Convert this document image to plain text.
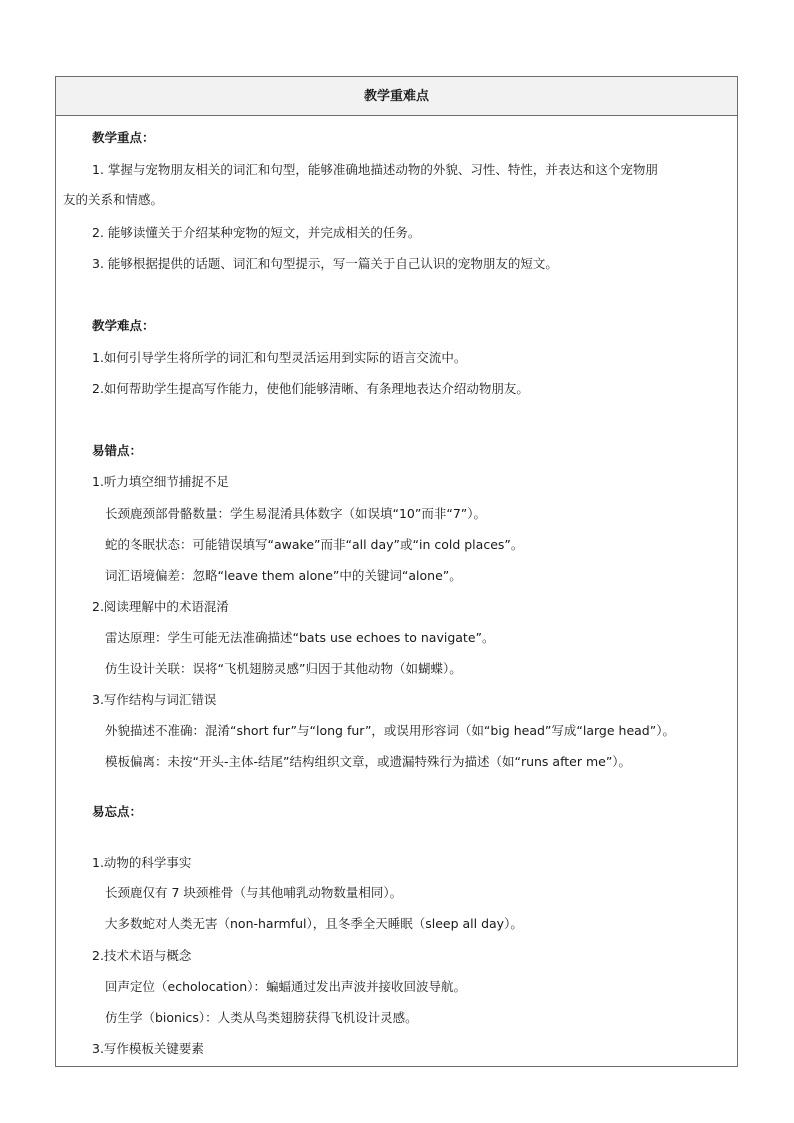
教学重难点
教学重点：
1. 掌握与宠物朋友相关的词汇和句型，能够准确地描述动物的外貌、习性、特性，并表达和这个宠物朋
友的关系和情感。
2. 能够读懂关于介绍某种宠物的短文，并完成相关的任务。
3. 能够根据提供的话题、词汇和句型提示，写一篇关于自己认识的宠物朋友的短文。
教学难点：
1.如何引导学生将所学的词汇和句型灵活运用到实际的语言交流中。
2.如何帮助学生提高写作能力，使他们能够清晰、有条理地表达介绍动物朋友。
易错点：
1.听力填空细节捕捉不足
长颈鹿颈部骨骼数量：学生易混淆具体数字（如误填“10”而非“7”）。
蛇的冬眠状态：可能错误填写“awake”而非“all day”或“in cold places”。
词汇语境偏差：忽略“leave them alone”中的关键词“alone”。
2.阅读理解中的术语混淆
雷达原理：学生可能无法准确描述“bats use echoes to navigate”。
仿生设计关联：误将“飞机翅膀灵感”归因于其他动物（如蝴蝶）。
3.写作结构与词汇错误
外貌描述不准确：混淆“short fur”与“long fur”，或误用形容词（如“big head”写成“large head”）。
模板偏离：未按“开头-主体-结尾”结构组织文章，或遗漏特殊行为描述（如“runs after me”）。
易忘点：
1.动物的科学事实
长颈鹿仅有 7 块颈椎骨（与其他哺乳动物数量相同）。
大多数蛇对人类无害（non-harmful），且冬季全天睡眠（sleep all day）。
2.技术术语与概念
回声定位（echolocation）：蝙蝠通过发出声波并接收回波导航。
仿生学（bionics）：人类从鸟类翅膀获得飞机设计灵感。
3.写作模板关键要素
